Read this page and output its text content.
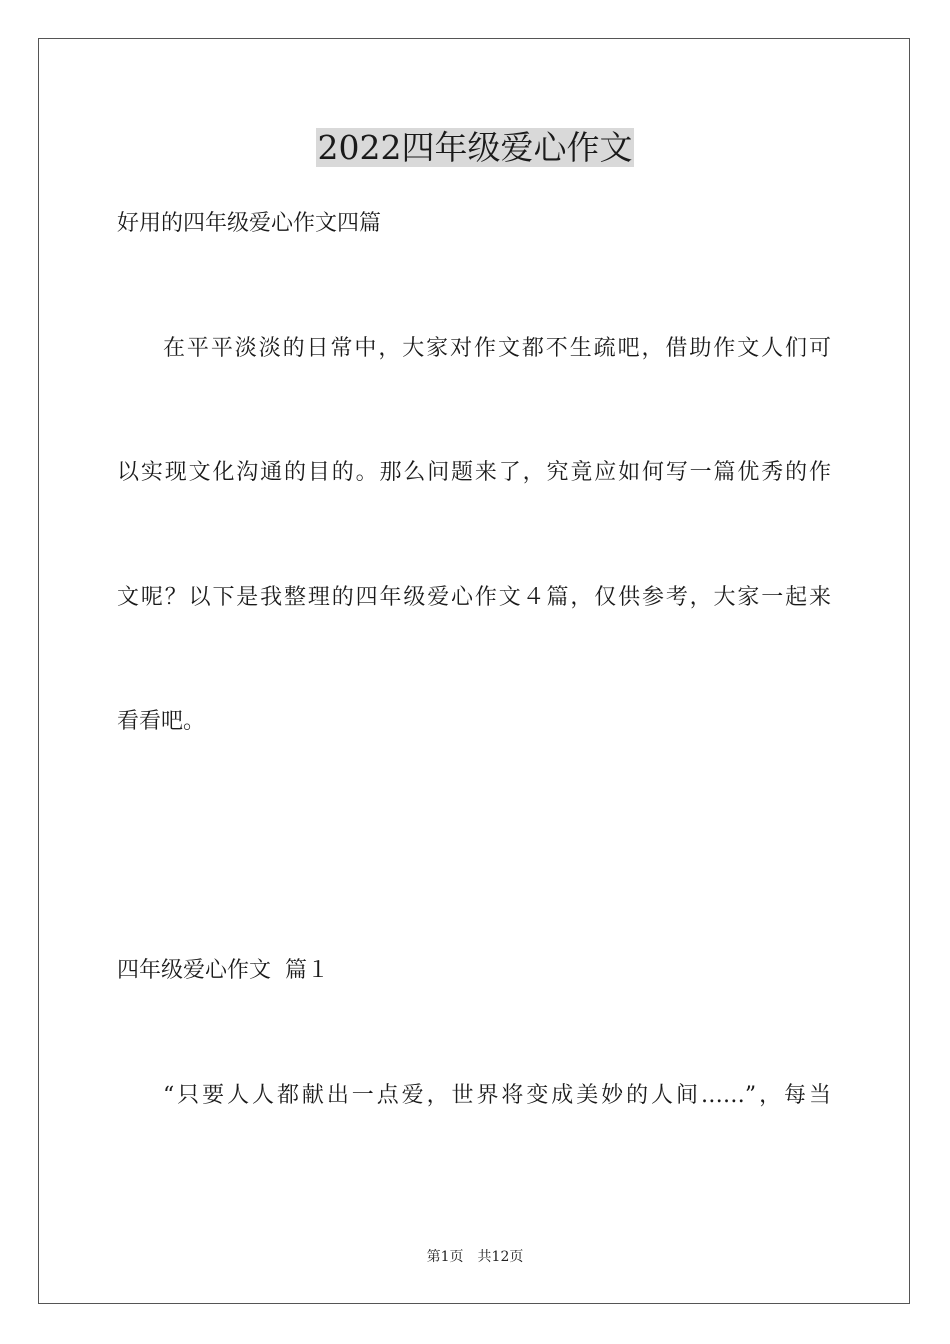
2022四年级爱心作文

好用的四年级爱心作文四篇

在平平淡淡的日常中，大家对作文都不生疏吧，借助作文人们可

以实现文化沟通的目的。那么问题来了，究竟应如何写一篇优秀的作

文呢？以下是我整理的四年级爱心作文４篇，仅供参考，大家一起来

看看吧。

四年级爱心作文  篇１

“只要人人都献出一点爱，世界将变成美妙的人间……”，每当

第1页 共12页
